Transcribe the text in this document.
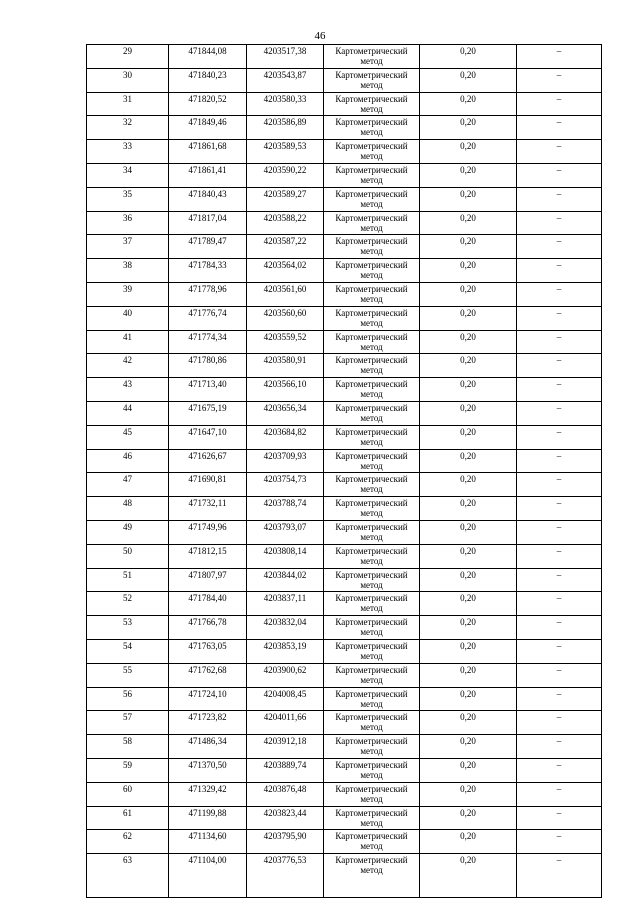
46
29	471844,08	4203517,38	Картометрический метод	0,20	–
30	471840,23	4203543,87	Картометрический метод	0,20	–
31	471820,52	4203580,33	Картометрический метод	0,20	–
32	471849,46	4203586,89	Картометрический метод	0,20	–
33	471861,68	4203589,53	Картометрический метод	0,20	–
34	471861,41	4203590,22	Картометрический метод	0,20	–
35	471840,43	4203589,27	Картометрический метод	0,20	–
36	471817,04	4203588,22	Картометрический метод	0,20	–
37	471789,47	4203587,22	Картометрический метод	0,20	–
38	471784,33	4203564,02	Картометрический метод	0,20	–
39	471778,96	4203561,60	Картометрический метод	0,20	–
40	471776,74	4203560,60	Картометрический метод	0,20	–
41	471774,34	4203559,52	Картометрический метод	0,20	–
42	471780,86	4203580,91	Картометрический метод	0,20	–
43	471713,40	4203566,10	Картометрический метод	0,20	–
44	471675,19	4203656,34	Картометрический метод	0,20	–
45	471647,10	4203684,82	Картометрический метод	0,20	–
46	471626,67	4203709,93	Картометрический метод	0,20	–
47	471690,81	4203754,73	Картометрический метод	0,20	–
48	471732,11	4203788,74	Картометрический метод	0,20	–
49	471749,96	4203793,07	Картометрический метод	0,20	–
50	471812,15	4203808,14	Картометрический метод	0,20	–
51	471807,97	4203844,02	Картометрический метод	0,20	–
52	471784,40	4203837,11	Картометрический метод	0,20	–
53	471766,78	4203832,04	Картометрический метод	0,20	–
54	471763,05	4203853,19	Картометрический метод	0,20	–
55	471762,68	4203900,62	Картометрический метод	0,20	–
56	471724,10	4204008,45	Картометрический метод	0,20	–
57	471723,82	4204011,66	Картометрический метод	0,20	–
58	471486,34	4203912,18	Картометрический метод	0,20	–
59	471370,50	4203889,74	Картометрический метод	0,20	–
60	471329,42	4203876,48	Картометрический метод	0,20	–
61	471199,88	4203823,44	Картометрический метод	0,20	–
62	471134,60	4203795,90	Картометрический метод	0,20	–
63	471104,00	4203776,53	Картометрический метод	0,20	–
